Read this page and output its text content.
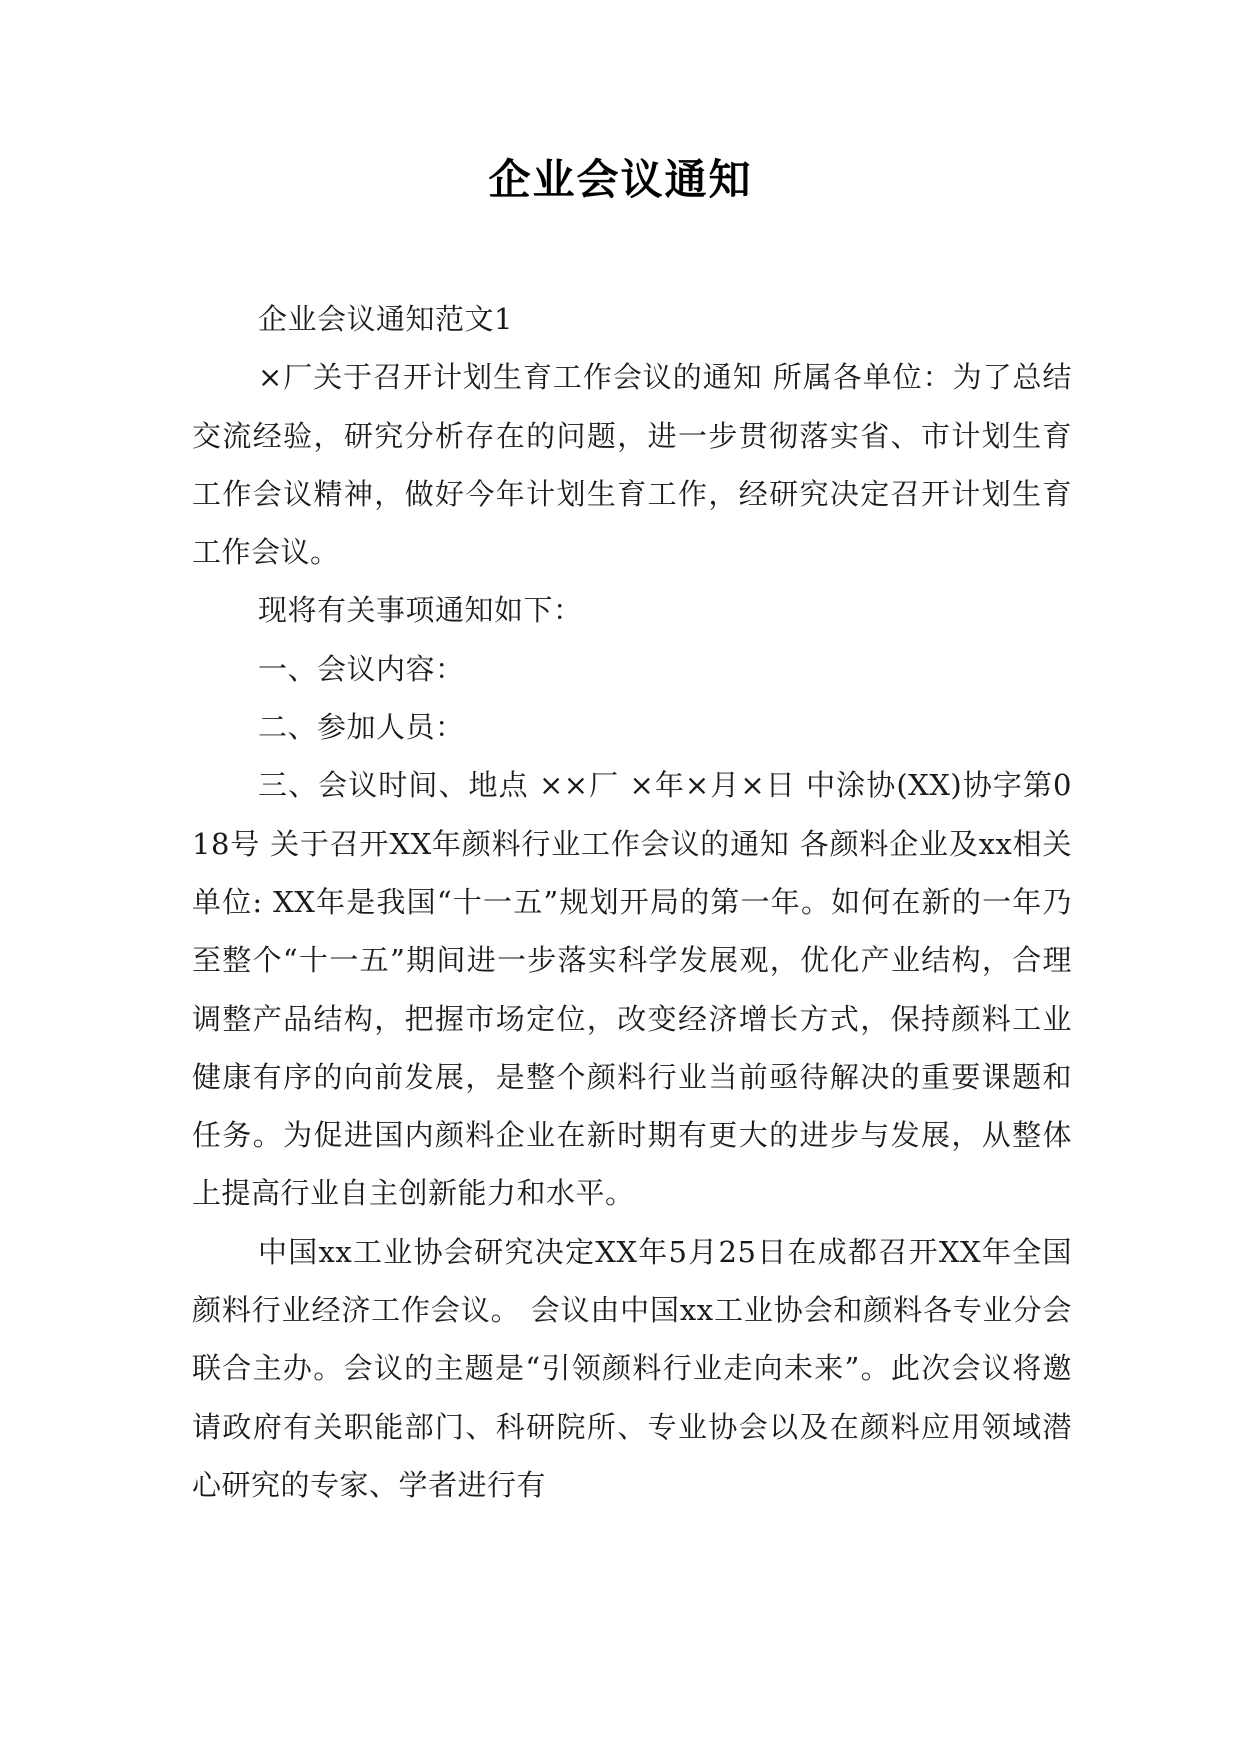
企业会议通知

企业会议通知范文1

×厂关于召开计划生育工作会议的通知 所属各单位：为了总结交流经验，研究分析存在的问题，进一步贯彻落实省、市计划生育工作会议精神，做好今年计划生育工作，经研究决定召开计划生育工作会议。

现将有关事项通知如下：

一、会议内容：

二、参加人员：

三、会议时间、地点 ××厂 ×年×月×日 中涂协(XX)协字第018号 关于召开XX年颜料行业工作会议的通知 各颜料企业及xx相关单位: XX年是我国“十一五”规划开局的第一年。如何在新的一年乃至整个“十一五”期间进一步落实科学发展观，优化产业结构，合理调整产品结构，把握市场定位，改变经济增长方式，保持颜料工业健康有序的向前发展，是整个颜料行业当前亟待解决的重要课题和任务。为促进国内颜料企业在新时期有更大的进步与发展，从整体上提高行业自主创新能力和水平。

中国xx工业协会研究决定XX年5月25日在成都召开XX年全国颜料行业经济工作会议。 会议由中国xx工业协会和颜料各专业分会联合主办。会议的主题是“引领颜料行业走向未来”。此次会议将邀请政府有关职能部门、科研院所、专业协会以及在颜料应用领域潜心研究的专家、学者进行有
